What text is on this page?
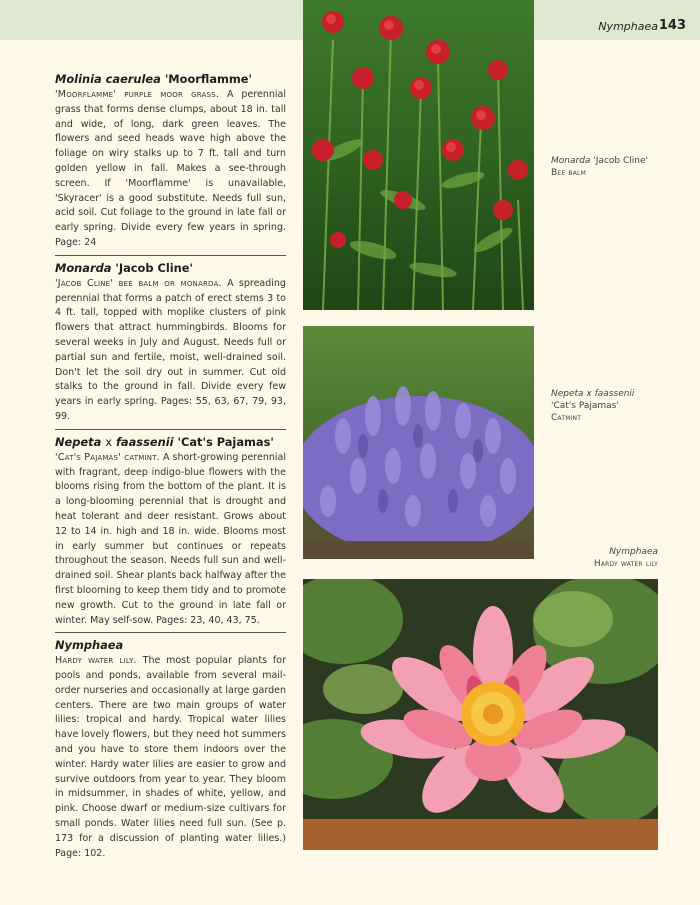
Nymphaea 143
Molinia caerulea 'Moorflamme'

'Moorflamme' purple moor grass. A perennial grass that forms dense clumps, about 18 in. tall and wide, of long, dark green leaves. The flowers and seed heads wave high above the foliage on wiry stalks up to 7 ft. tall and turn golden yellow in fall. Makes a see-through screen. If 'Moorflamme' is unavailable, 'Skyracer' is a good substitute. Needs full sun, acid soil. Cut foliage to the ground in late fall or early spring. Divide every few years in spring. Page: 24

Monarda 'Jacob Cline'

'Jacob Cline' bee balm or monarda. A spreading perennial that forms a patch of erect stems 3 to 4 ft. tall, topped with moplike clusters of pink flowers that attract hummingbirds. Blooms for several weeks in July and August. Needs full or partial sun and fertile, moist, well-drained soil. Don't let the soil dry out in summer. Cut old stalks to the ground in fall. Divide every few years in early spring. Pages: 55, 63, 67, 79, 93, 99.

Nepeta x faassenii 'Cat's Pajamas'

'Cat's Pajamas' catmint. A short-growing perennial with fragrant, deep indigo-blue flowers with the blooms rising from the bottom of the plant. It is a long-blooming perennial that is drought and heat tolerant and deer resistant. Grows about 12 to 14 in. high and 18 in. wide. Blooms most in early summer but continues or repeats throughout the season. Needs full sun and well-drained soil. Shear plants back halfway after the first blooming to keep them tidy and to promote new growth. Cut to the ground in late fall or winter. May self-sow. Pages: 23, 40, 43, 75.

Nymphaea

Hardy water lily. The most popular plants for pools and ponds, available from several mail-order nurseries and occasionally at large garden centers. There are two main groups of water lilies: tropical and hardy. Tropical water lilies have lovely flowers, but they need hot summers and you have to store them indoors over the winter. Hardy water lilies are easier to grow and survive outdoors from year to year. They bloom in midsummer, in shades of white, yellow, and pink. Choose dwarf or medium-size cultivars for small ponds. Water lilies need full sun. (See p. 173 for a discussion of planting water lilies.) Page: 102.

Monarda 'Jacob Cline'
Bee balm
Nepeta x faassenii
'Cat's Pajamas'
Catmint
Nymphaea
Hardy water lily
